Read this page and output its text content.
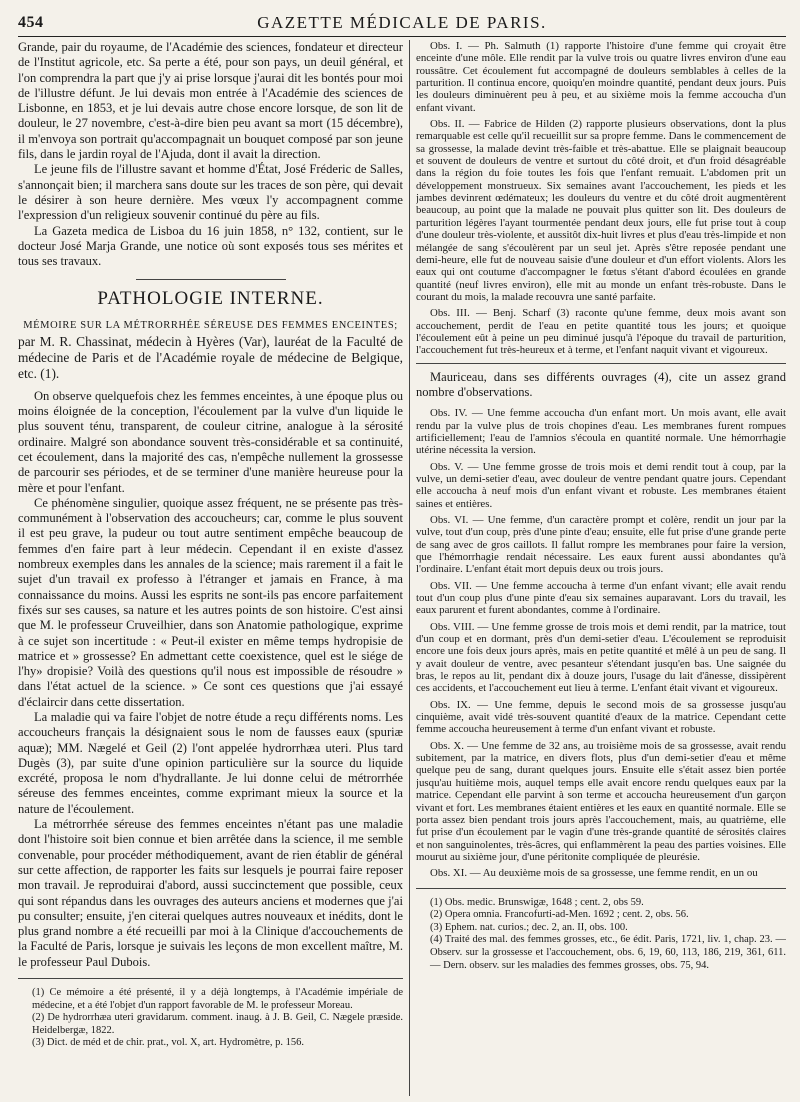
454	GAZETTE MÉDICALE DE PARIS.

Grande, pair du royaume, de l'Académie des sciences, fondateur et directeur de l'Institut agricole, etc. Sa perte a été, pour son pays, un deuil général, et l'on comprendra la part que j'y ai prise lorsque j'aurai dit les bontés pour moi de l'illustre défunt. Je lui devais mon entrée à l'Académie des sciences de Lisbonne, en 1853, et je lui devais autre chose encore lorsque, de son lit de douleur, le 27 novembre, c'est-à-dire bien peu avant sa mort (15 décembre), il m'envoya son portrait qu'accompagnait un bouquet composé par son jeune fils, dans le jardin royal de l'Ajuda, dont il avait la direction.

Le jeune fils de l'illustre savant et homme d'État, José Fréderic de Salles, s'annonçait bien; il marchera sans doute sur les traces de son père, qui devait le désirer à son heure dernière. Mes vœux l'y accompagnent comme l'expression d'un religieux souvenir continué du père au fils.

La Gazeta medica de Lisboa du 16 juin 1858, n° 132, contient, sur le docteur José Marja Grande, une notice où sont exposés tous ses mérites et tous ses travaux.

PATHOLOGIE INTERNE.

MÉMOIRE SUR LA MÉTRORRHÉE SÉREUSE DES FEMMES ENCEINTES;

par M. R. Chassinat, médecin à Hyères (Var), lauréat de la Faculté de médecine de Paris et de l'Académie royale de médecine de Belgique, etc. (1).

On observe quelquefois chez les femmes enceintes, à une époque plus ou moins éloignée de la conception, l'écoulement par la vulve d'un liquide le plus souvent ténu, transparent, de couleur citrine, analogue à la sérosité ordinaire. Malgré son abondance souvent très-considérable et sa continuité, cet écoulement, dans la majorité des cas, n'empêche nullement la grossesse de parcourir ses périodes, et de se terminer d'une manière heureuse pour la mère et pour l'enfant.

Ce phénomène singulier, quoique assez fréquent, ne se présente pas très-communément à l'observation des accoucheurs; car, comme le plus souvent il est peu grave, la pudeur ou tout autre sentiment empêche beaucoup de femmes d'en faire part à leur médecin. Cependant il en existe d'assez nombreux exemples dans les annales de la science; mais rarement il a fait le sujet d'un travail ex professo à l'étranger et jamais en France, à ma connaissance du moins. Aussi les esprits ne sont-ils pas encore parfaitement fixés sur ses causes, sa nature et les autres points de son histoire. C'est ainsi que M. le professeur Cruveilhier, dans son Anatomie pathologique, exprime à ce sujet son incertitude : « Peut-il exister en même temps hydropisie de matrice et » grossesse? En admettant cette coexistence, quel est le siége de l'hy» dropisie? Voilà des questions qu'il nous est impossible de résoudre » dans l'état actuel de la science. » Ce sont ces questions que j'ai essayé d'éclaircir dans cette dissertation.

La maladie qui va faire l'objet de notre étude a reçu différents noms. Les accoucheurs français la désignaient sous le nom de fausses eaux (spuriæ aquæ); MM. Nægelé et Geil (2) l'ont appelée hydrorrhæa uteri. Plus tard Dugès (3), par suite d'une opinion particulière sur la source du liquide excrété, proposa le nom d'hydrallante. Je lui donne celui de métrorrhée séreuse des femmes enceintes, comme exprimant mieux la source et la nature de l'écoulement.

La métrorrhée séreuse des femmes enceintes n'étant pas une maladie dont l'histoire soit bien connue et bien arrêtée dans la science, il me semble convenable, pour procéder méthodiquement, avant de rien établir de général sur cette affection, de rapporter les faits sur lesquels je pourrai faire reposer mon travail. Je reproduirai d'abord, aussi succinctement que possible, ceux qui sont répandus dans les ouvrages des auteurs anciens et modernes que j'ai pu consulter; ensuite, j'en citerai quelques autres nouveaux et inédits, dont le plus grand nombre a été recueilli par moi à la Clinique d'accouchements de la Faculté de Paris, lorsque je suivais les leçons de mon excellent maître, M. le professeur Paul Dubois.

(1) Ce mémoire a été présenté, il y a déjà longtemps, à l'Académie impériale de médecine, et a été l'objet d'un rapport favorable de M. le professeur Moreau.

(2) De hydrorrhæa uteri gravidarum. comment. inaug. à J. B. Geil, C. Nægele præside. Heidelbergæ, 1822.

(3) Dict. de méd et de chir. prat., vol. X, art. Hydromètre, p. 156.

Obs. I. — Ph. Salmuth (1) rapporte l'histoire d'une femme qui croyait être enceinte d'une môle. Elle rendit par la vulve trois ou quatre livres environ d'une eau roussâtre. Cet écoulement fut accompagné de douleurs semblables à celles de la parturition. Il continua encore, quoiqu'en moindre quantité, pendant deux jours. Puis les douleurs diminuèrent peu à peu, et au sixième mois la femme accoucha d'un enfant vivant.

Obs. II. — Fabrice de Hilden (2) rapporte plusieurs observations, dont la plus remarquable est celle qu'il recueillit sur sa propre femme. Dans le commencement de sa grossesse, la malade devint très-faible et très-abattue. Elle se plaignait beaucoup et souvent de douleurs de ventre et surtout du côté droit, et d'un froid désagréable dans la région du foie toutes les fois que l'enfant remuait. L'abdomen prit un développement monstrueux. Six semaines avant l'accouchement, les pieds et les jambes devinrent œdémateux; les douleurs du ventre et du côté droit augmentèrent beaucoup, au point que la malade ne pouvait plus quitter son lit. Des douleurs de parturition légères l'ayant tourmentée pendant deux jours, elle fut prise tout à coup d'une douleur très-violente, et aussitôt dix-huit livres et plus d'eau très-limpide et non mélangée de sang s'écoulèrent par un seul jet. Après s'être reposée pendant une demi-heure, elle fut de nouveau saisie d'une douleur et d'un effort violents. Alors les eaux qui ont coutume d'accompagner le fœtus s'étant d'abord écoulées en grande quantité (neuf livres environ), elle mit au monde un enfant très-robuste. Dans le courant du mois, la malade recouvra une santé parfaite.

Obs. III. — Benj. Scharf (3) raconte qu'une femme, deux mois avant son accouchement, perdit de l'eau en petite quantité tous les jours; et quoique l'écoulement eût à peine un peu diminué jusqu'à l'époque du travail de parturition, l'accouchement fut très-heureux et à terme, et l'enfant naquit vivant et vigoureux.

Mauriceau, dans ses différents ouvrages (4), cite un assez grand nombre d'observations.

Obs. IV. — Une femme accoucha d'un enfant mort. Un mois avant, elle avait rendu par la vulve plus de trois chopines d'eau. Les membranes furent rompues artificiellement; l'eau de l'amnios s'écoula en quantité normale. Une hémorrhagie utérine nécessita la version.

Obs. V. — Une femme grosse de trois mois et demi rendit tout à coup, par la vulve, un demi-setier d'eau, avec douleur de ventre pendant quatre jours. Cependant elle accoucha à neuf mois d'un enfant vivant et robuste. Les membranes étaient saines et entières.

Obs. VI. — Une femme, d'un caractère prompt et colère, rendit un jour par la vulve, tout d'un coup, près d'une pinte d'eau; ensuite, elle fut prise d'une grande perte de sang avec de gros caillots. Il fallut rompre les membranes pour faire la version, que l'hémorrhagie rendait nécessaire. Les eaux furent aussi abondantes qu'à l'ordinaire. L'enfant était mort depuis deux ou trois jours.

Obs. VII. — Une femme accoucha à terme d'un enfant vivant; elle avait rendu tout d'un coup plus d'une pinte d'eau six semaines auparavant. Lors du travail, les eaux parurent et furent abondantes, comme à l'ordinaire.

Obs. VIII. — Une femme grosse de trois mois et demi rendit, par la matrice, tout d'un coup et en dormant, près d'un demi-setier d'eau. L'écoulement se reproduisit encore une fois deux jours après, mais en petite quantité et mêlé à un peu de sang. Il y avait douleur de ventre, avec pesanteur s'étendant jusqu'en bas. Une saignée du bras, le repos au lit, pendant dix à douze jours, l'usage du lait d'ânesse, dissipèrent ces accidents, et l'accouchement eut lieu à terme. L'enfant était vivant et vigoureux.

Obs. IX. — Une femme, depuis le second mois de sa grossesse jusqu'au cinquième, avait vidé très-souvent quantité d'eaux de la matrice. Cependant cette femme accoucha heureusement à terme d'un enfant vivant et robuste.

Obs. X. — Une femme de 32 ans, au troisième mois de sa grossesse, avait rendu subitement, par la matrice, en divers flots, plus d'un demi-setier d'eau et même quelque peu de sang, durant quelques jours. Ensuite elle s'était assez bien portée jusqu'au huitième mois, auquel temps elle avait encore rendu quelques eaux par la matrice. Cependant elle parvint à son terme et accoucha heureusement d'un garçon vivant et fort. Les membranes étaient entières et les eaux en quantité normale. Elle se porta assez bien pendant trois jours après l'accouchement, mais, au quatrième, elle fut prise d'un écoulement par le vagin d'une très-grande quantité de sérosités claires et non sanguinolentes, très-âcres, qui enflammèrent la peau des parties voisines. Elle mourut au sixième jour, d'une péritonite compliquée de pleurésie.

Obs. XI. — Au deuxième mois de sa grossesse, une femme rendit, en un ou

(1) Obs. medic. Brunswigæ, 1648 ; cent. 2, obs 59.

(2) Opera omnia. Francofurti-ad-Men. 1692 ; cent. 2, obs. 56.

(3) Ephem. nat. curios.; dec. 2, an. II, obs. 100.

(4) Traité des mal. des femmes grosses, etc., 6e édit. Paris, 1721, liv. 1, chap. 23. — Observ. sur la grossesse et l'accouchement, obs. 6, 19, 60, 113, 186, 219, 361, 611. — Dern. observ. sur les maladies des femmes grosses, obs. 75, 94.
